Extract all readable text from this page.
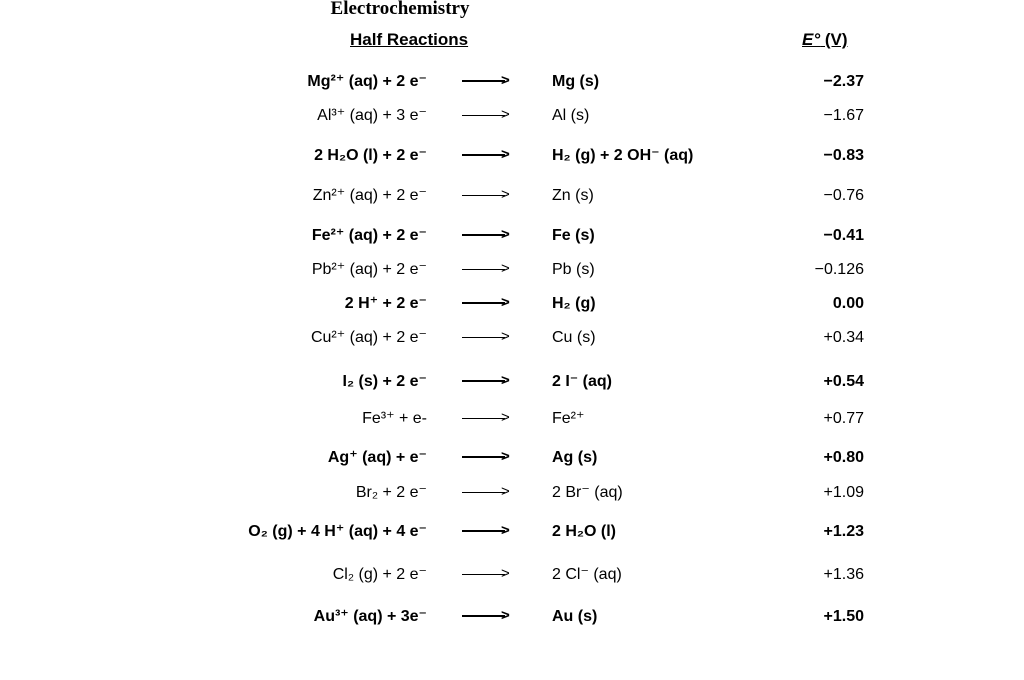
Electrochemistry
Half Reactions	E° (V)
Mg²⁺ (aq) + 2 e⁻	>	Mg (s)	−2.37
Al³⁺ (aq) + 3 e⁻	>	Al (s)	−1.67
2 H₂O (l) + 2 e⁻	>	H₂ (g) + 2 OH⁻ (aq)	−0.83
Zn²⁺ (aq) + 2 e⁻	>	Zn (s)	−0.76
Fe²⁺ (aq) + 2 e⁻	>	Fe (s)	−0.41
Pb²⁺ (aq) + 2 e⁻	>	Pb (s)	−0.126
2 H⁺ + 2 e⁻	>	H₂ (g)	0.00
Cu²⁺ (aq) + 2 e⁻	>	Cu (s)	+0.34
I₂ (s) + 2 e⁻	>	2 I⁻ (aq)	+0.54
Fe³⁺ + e-	>	Fe²⁺	+0.77
Ag⁺ (aq) + e⁻	>	Ag (s)	+0.80
Br₂ + 2 e⁻	>	2 Br⁻ (aq)	+1.09
O₂ (g) + 4 H⁺ (aq) + 4 e⁻	>	2 H₂O (l)	+1.23
Cl₂ (g) + 2 e⁻	>	2 Cl⁻ (aq)	+1.36
Au³⁺ (aq) + 3e⁻	>	Au (s)	+1.50
